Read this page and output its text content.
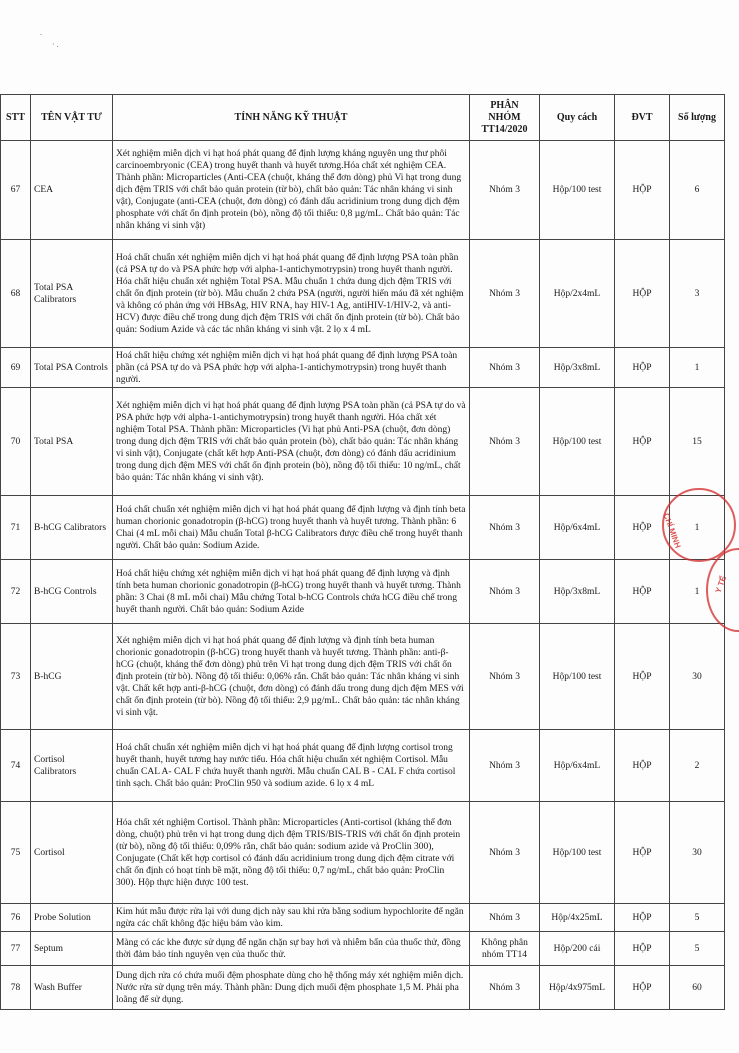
.
· .
STT	TÊN VẬT TƯ	TÍNH NĂNG KỸ THUẬT	PHÂN NHÓM TT14/2020	Quy cách	ĐVT	Số lượng
67	CEA	Xét nghiệm miễn dịch vi hạt hoá phát quang để định lượng kháng nguyên ung thư phôi carcinoembryonic (CEA) trong huyết thanh và huyết tương.Hóa chất xét nghiệm CEA. Thành phần: Microparticles (Anti-CEA (chuột, kháng thể đơn dòng) phủ Vi hạt trong dung dịch đệm TRIS với chất bảo quản protein (từ bò), chất bảo quản: Tác nhân kháng vi sinh vật), Conjugate (anti-CEA (chuột, đơn dòng) có đánh dấu acridinium trong dung dịch đệm phosphate với chất ổn định protein (bò), nồng độ tối thiểu: 0,8 µg/mL. Chất bảo quản: Tác nhân kháng vi sinh vật)	Nhóm 3	Hộp/100 test	HỘP	6
68	Total PSA Calibrators	Hoá chất chuẩn xét nghiệm miễn dịch vi hạt hoá phát quang để định lượng PSA toàn phần (cả PSA tự do và PSA phức hợp với alpha-1-antichymotrypsin) trong huyết thanh người. Hóa chất hiệu chuẩn xét nghiệm Total PSA. Mẫu chuẩn 1 chứa dung dịch đệm TRIS với chất ổn định protein (từ bò). Mẫu chuẩn 2 chứa PSA (người, người hiến máu đã xét nghiệm và không có phản ứng với HBsAg, HIV RNA, hay HIV-1 Ag, antiHIV-1/HIV-2, và anti-HCV) được điều chế trong dung dịch đệm TRIS với chất ổn định protein (từ bò). Chất bảo quản: Sodium Azide và các tác nhân kháng vi sinh vật. 2 lọ x 4 mL	Nhóm 3	Hộp/2x4mL	HỘP	3
69	Total PSA Controls	Hoá chất hiệu chứng xét nghiệm miễn dịch vi hạt hoá phát quang để định lượng PSA toàn phần (cả PSA tự do và PSA phức hợp với alpha-1-antichymotrypsin) trong huyết thanh người.	Nhóm 3	Hộp/3x8mL	HỘP	1
70	Total PSA	Xét nghiệm miễn dịch vi hạt hoá phát quang để định lượng PSA toàn phần (cả PSA tự do và PSA phức hợp với alpha-1-antichymotrypsin) trong huyết thanh người. Hóa chất xét nghiệm Total PSA. Thành phần: Microparticles (Vi hạt phủ Anti-PSA (chuột, đơn dòng) trong dung dịch đệm TRIS với chất bảo quản protein (bò), chất bảo quản: Tác nhân kháng vi sinh vật), Conjugate (chất kết hợp Anti-PSA (chuột, đơn dòng) có đánh dấu acridinium trong dung dịch đệm MES với chất ổn định protein (bò), nồng độ tối thiểu: 10 ng/mL, chất bảo quản: Tác nhân kháng vi sinh vật).	Nhóm 3	Hộp/100 test	HỘP	15
71	B-hCG Calibrators	Hoá chất chuẩn xét nghiệm miễn dịch vi hạt hoá phát quang để định lượng và định tính beta human chorionic gonadotropin (β-hCG) trong huyết thanh và huyết tương. Thành phần: 6 Chai (4 mL mỗi chai) Mẫu chuẩn Total β-hCG Calibrators được điều chế trong huyết thanh người. Chất bảo quản: Sodium Azide.	Nhóm 3	Hộp/6x4mL	HỘP	1
72	B-hCG Controls	Hoá chất hiệu chứng xét nghiệm miễn dịch vi hạt hoá phát quang để định lượng và định tính beta human chorionic gonadotropin (β-hCG) trong huyết thanh và huyết tương. Thành phần: 3 Chai (8 mL mỗi chai) Mẫu chứng Total b-hCG Controls chứa hCG điều chế trong huyết thanh người. Chất bảo quản: Sodium Azide	Nhóm 3	Hộp/3x8mL	HỘP	1
73	B-hCG	Xét nghiệm miễn dịch vi hạt hoá phát quang để định lượng và định tính beta human chorionic gonadotropin (β-hCG) trong huyết thanh và huyết tương. Thành phần: anti-β-hCG (chuột, kháng thể đơn dòng) phủ trên Vi hạt trong dung dịch đệm TRIS với chất ổn định protein (từ bò). Nồng độ tối thiểu: 0,06% rắn. Chất bảo quản: Tác nhân kháng vi sinh vật. Chất kết hợp anti-β-hCG (chuột, đơn dòng) có đánh dấu trong dung dịch đệm MES với chất ổn định protein (từ bò). Nồng độ tối thiểu: 2,9 µg/mL. Chất bảo quản: tác nhân kháng vi sinh vật.	Nhóm 3	Hộp/100 test	HỘP	30
74	Cortisol Calibrators	Hoá chất chuẩn xét nghiệm miễn dịch vi hạt hoá phát quang để định lượng cortisol trong huyết thanh, huyết tương hay nước tiểu. Hóa chất hiệu chuẩn xét nghiệm Cortisol. Mẫu chuẩn CAL A- CAL F chứa huyết thanh người. Mẫu chuẩn CAL B - CAL F chứa cortisol tinh sạch. Chất bảo quản: ProClin 950 và sodium azide. 6 lọ x 4 mL	Nhóm 3	Hộp/6x4mL	HỘP	2
75	Cortisol	Hóa chất xét nghiệm Cortisol. Thành phần: Microparticles (Anti-cortisol (kháng thể đơn dòng, chuột) phủ trên vi hạt trong dung dịch đệm TRIS/BIS-TRIS với chất ổn định protein (từ bò), nồng độ tối thiểu: 0,09% rắn, chất bảo quản: sodium azide và ProClin 300), Conjugate (Chất kết hợp cortisol có đánh dấu acridinium trong dung dịch đệm citrate với chất ổn định có hoạt tính bề mặt, nồng độ tối thiểu: 0,7 ng/mL, chất bảo quản: ProClin 300). Hộp thực hiện được 100 test.	Nhóm 3	Hộp/100 test	HỘP	30
76	Probe Solution	Kim hút mẫu được rửa lại với dung dịch này sau khi rửa bằng sodium hypochlorite để ngăn ngừa các chất không đặc hiệu bám vào kim.	Nhóm 3	Hộp/4x25mL	HỘP	5
77	Septum	Màng có các khe được sử dụng để ngăn chặn sự bay hơi và nhiễm bẩn của thuốc thử, đồng thời đảm bảo tính nguyên vẹn của thuốc thử.	Không phân nhóm TT14	Hộp/200 cái	HỘP	5
78	Wash Buffer	Dung dịch rửa có chứa muối đệm phosphate dùng cho hệ thống máy xét nghiệm miễn dịch. Nước rửa sử dụng trên máy. Thành phần: Dung dịch muối đệm phosphate 1,5 M. Phải pha loãng để sử dụng.	Nhóm 3	Hộp/4x975mL	HỘP	60
CHÍ MINH
Y TẾ
